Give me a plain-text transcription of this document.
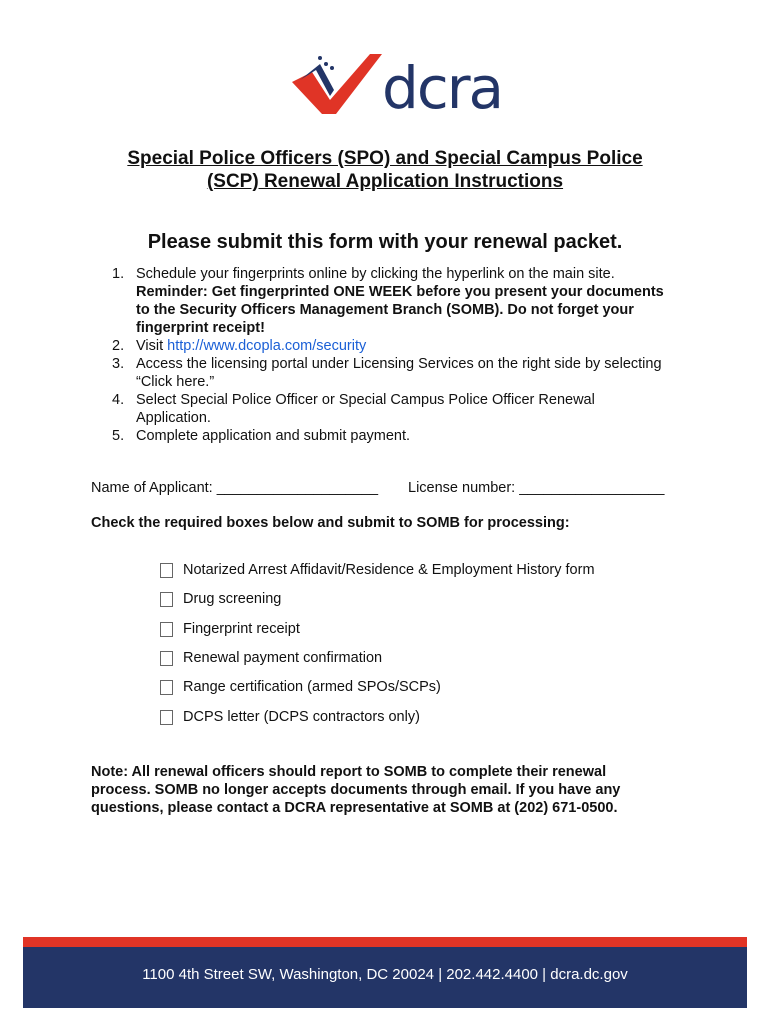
dcra
Special Police Officers (SPO) and Special Campus Police
(SCP) Renewal Application Instructions
Please submit this form with your renewal packet.
1. Schedule your fingerprints online by clicking the hyperlink on the main site. Reminder: Get fingerprinted ONE WEEK before you present your documents to the Security Officers Management Branch (SOMB). Do not forget your fingerprint receipt!
2. Visit http://www.dcopla.com/security
3. Access the licensing portal under Licensing Services on the right side by selecting “Click here.”
4. Select Special Police Officer or Special Campus Police Officer Renewal Application.
5. Complete application and submit payment.
Name of Applicant: ____________________ License number: __________________
Check the required boxes below and submit to SOMB for processing:
Notarized Arrest Affidavit/Residence & Employment History form
Drug screening
Fingerprint receipt
Renewal payment confirmation
Range certification (armed SPOs/SCPs)
DCPS letter (DCPS contractors only)
Note: All renewal officers should report to SOMB to complete their renewal process. SOMB no longer accepts documents through email. If you have any questions, please contact a DCRA representative at SOMB at (202) 671-0500.
1100 4th Street SW, Washington, DC 20024 | 202.442.4400 | dcra.dc.gov
